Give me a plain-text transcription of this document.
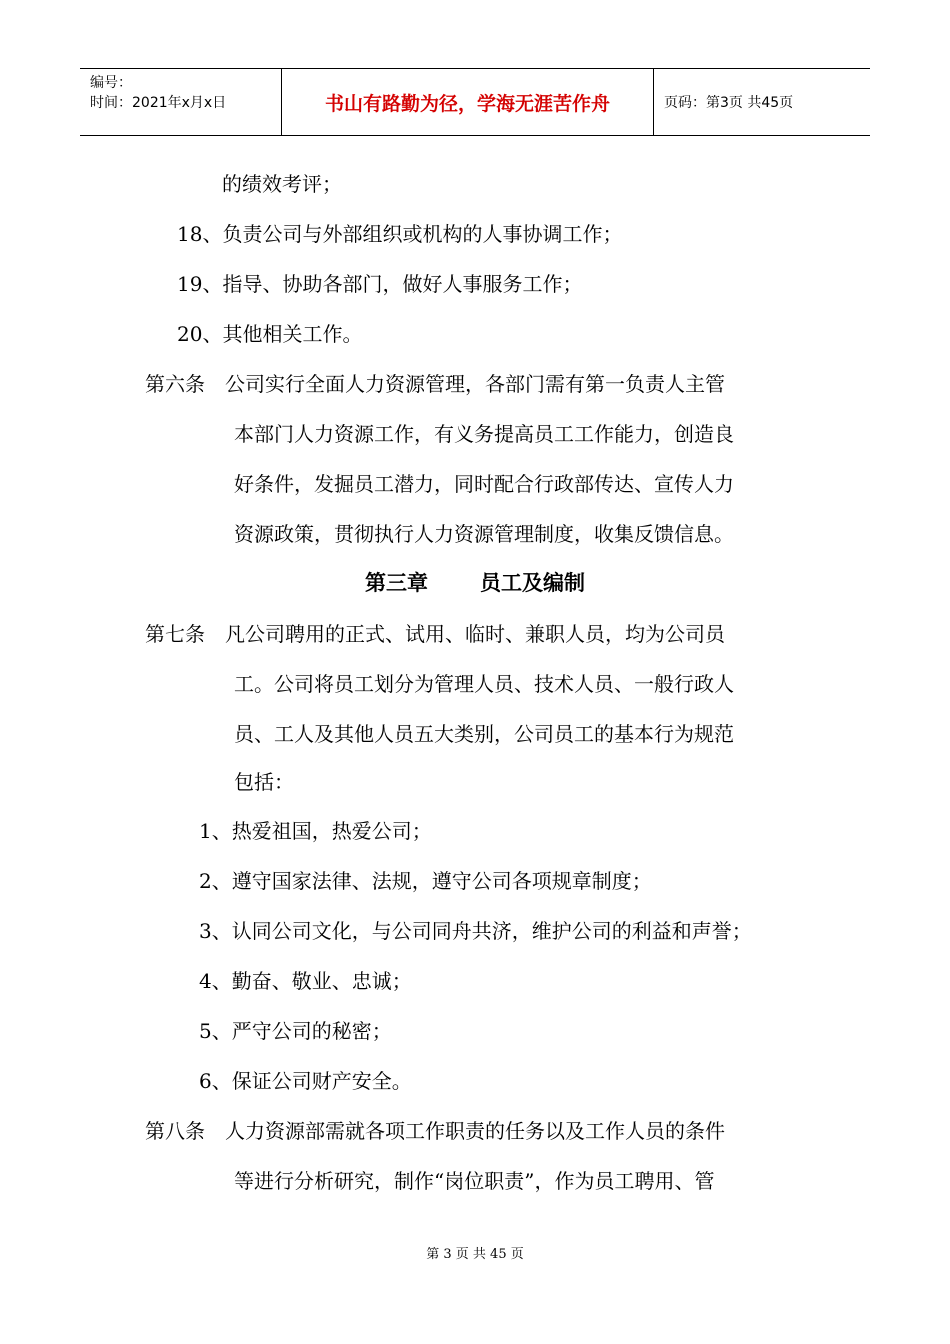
编号：
时间：2021年x月x日	书山有路勤为径，学海无涯苦作舟	页码：第3页 共45页
的绩效考评；
18、负责公司与外部组织或机构的人事协调工作；
19、指导、协助各部门，做好人事服务工作；
20、其他相关工作。
第六条　公司实行全面人力资源管理，各部门需有第一负责人主管
本部门人力资源工作，有义务提高员工工作能力，创造良
好条件，发掘员工潜力，同时配合行政部传达、宣传人力
资源政策，贯彻执行人力资源管理制度，收集反馈信息。
第三章 员工及编制
第七条　凡公司聘用的正式、试用、临时、兼职人员，均为公司员
工。公司将员工划分为管理人员、技术人员、一般行政人
员、工人及其他人员五大类别，公司员工的基本行为规范
包括：
1、热爱祖国，热爱公司；
2、遵守国家法律、法规，遵守公司各项规章制度；
3、认同公司文化，与公司同舟共济，维护公司的利益和声誉；
4、勤奋、敬业、忠诚；
5、严守公司的秘密；
6、保证公司财产安全。
第八条　人力资源部需就各项工作职责的任务以及工作人员的条件
等进行分析研究，制作“岗位职责”，作为员工聘用、管
第 3 页 共 45 页
